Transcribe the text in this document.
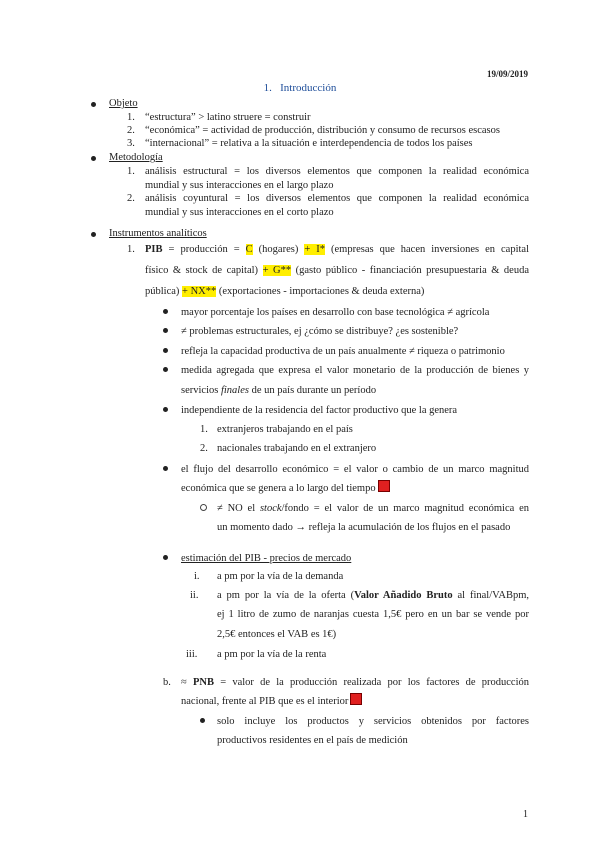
19/09/2019
1. Introducción
Objeto
1. “estructura” > latino struere = construir
2. “económica” = actividad de producción, distribución y consumo de recursos escasos
3. “internacional” = relativa a la situación e interdependencia de todos los países
Metodología
1. análisis estructural = los diversos elementos que componen la realidad económica
mundial y sus interacciones en el largo plazo
2. análisis coyuntural = los diversos elementos que componen la realidad económica
mundial y sus interacciones en el corto plazo
Instrumentos analíticos
1. PIB = producción = C (hogares) + I* (empresas que hacen inversiones en capital
físico & stock de capital) + G** (gasto público - financiación presupuestaria & deuda
pública) + NX** (exportaciones - importaciones & deuda externa)
mayor porcentaje los países en desarrollo con base tecnológica ≠ agrícola
≠ problemas estructurales, ej ¿cómo se distribuye? ¿es sostenible?
refleja la capacidad productiva de un país anualmente ≠ riqueza o patrimonio
medida agregada que expresa el valor monetario de la producción de bienes y
servicios finales de un país durante un período
independiente de la residencia del factor productivo que la genera
1. extranjeros trabajando en el país
2. nacionales trabajando en el extranjero
el flujo del desarrollo económico = el valor o cambio de un marco magnitud
económica que se genera a lo largo del tiempo
≠ NO el stock/fondo = el valor de un marco magnitud económica en
un momento dado → refleja la acumulación de los flujos en el pasado
estimación del PIB - precios de mercado
i. a pm por la vía de la demanda
ii. a pm por la vía de la oferta (Valor Añadido Bruto al final/VABpm,
ej 1 litro de zumo de naranjas cuesta 1,5€ pero en un bar se vende por
2,5€ entonces el VAB es 1€)
iii. a pm por la vía de la renta
b. ≈ PNB = valor de la producción realizada por los factores de producción
nacional, frente al PIB que es el interior
solo incluye los productos y servicios obtenidos por factores
productivos residentes en el país de medición
1
